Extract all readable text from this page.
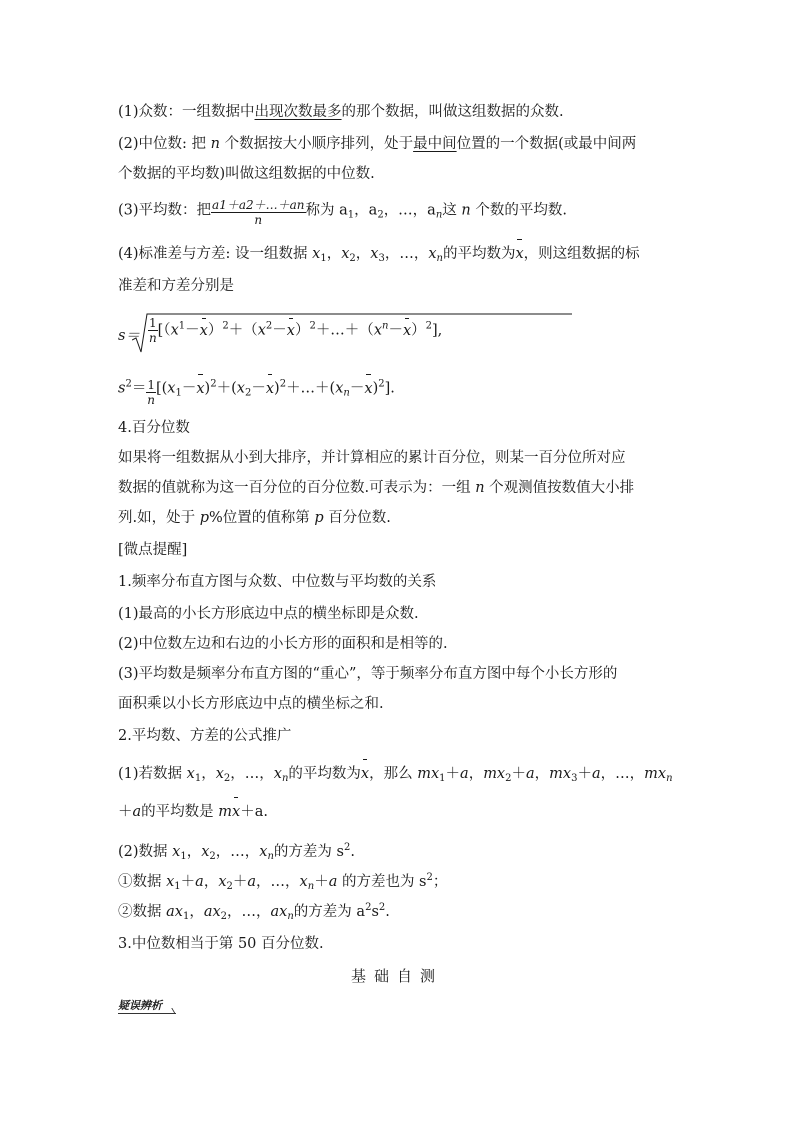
(1)众数：一组数据中出现次数最多的那个数据，叫做这组数据的众数.
(2)中位数: 把 n 个数据按大小顺序排列，处于最中间位置的一个数据(或最中间两
个数据的平均数)叫做这组数据的中位数.
(3)平均数：把 $\frac{a1+a2+\dots+an}{n}$ 称为 $a_1$，$a_2$，…，$a_n$这 n 个数的平均数.
(4)标准差与方差: 设一组数据 $x_1$，$x_2$，$x_3$，…，$x_n$的平均数为x，则这组数据的标
准差和方差分别是
$s= \frac{1}{n}$ $[(x^1-x)^2+(x^2-x)^2+\dots+(x^n-x)^2]$,
$s^2= \frac{1}{n}$ $[(x_1-x)^2+(x_2-x)^2+\dots+(x_n-x)^2]$.
4.百分位数
如果将一组数据从小到大排序，并计算相应的累计百分位，则某一百分位所对应
数据的值就称为这一百分位的百分位数.可表示为：一组 n 个观测值按数值大小排
列.如，处于 p%位置的值称第 p 百分位数.
[微点提醒]
1.频率分布直方图与众数、中位数与平均数的关系
(1)最高的小长方形底边中点的横坐标即是众数.
(2)中位数左边和右边的小长方形的面积和是相等的.
(3)平均数是频率分布直方图的“重心”，等于频率分布直方图中每个小长方形的
面积乘以小长方形底边中点的横坐标之和.
2.平均数、方差的公式推广
(1)若数据 $x_1$，$x_2$，…，$x_n$的平均数为x，那么 $mx_1+a$，$mx_2+a$，$mx_3+a$，…，$mx_n$
＋a的平均数是 mx＋a.
(2)数据 $x_1$，$x_2$，…，$x_n$的方差为 $s^2$.
①数据 $x_1+a$，$x_2+a$，…，$x_n+a$ 的方差也为 $s^2$；
②数据 $ax_1$，$ax_2$，…，$ax_n$的方差为 $a^2s^2$.
3.中位数相当于第 50 百分位数.
基础自测
疑误辨析
